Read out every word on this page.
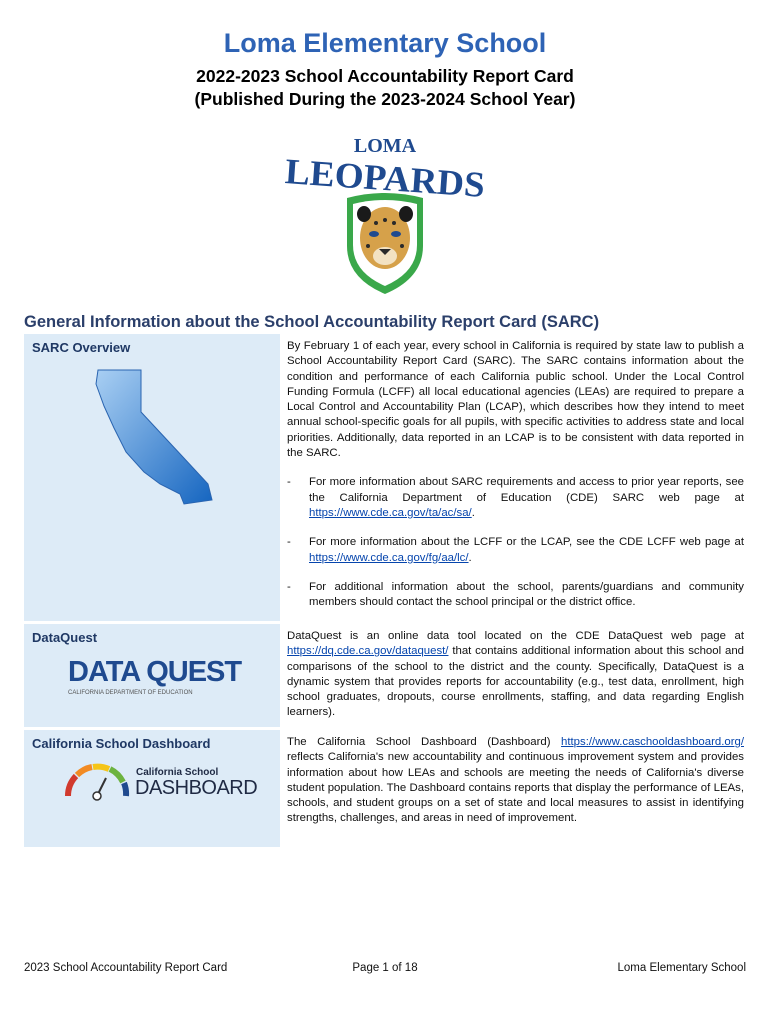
Loma Elementary School
2022-2023 School Accountability Report Card
(Published During the 2023-2024 School Year)
LOMA
LEOPARDS
General Information about the School Accountability Report Card (SARC)
SARC Overview	By February 1 of each year, every school in California is required by state law to publish a School Accountability Report Card (SARC). The SARC contains information about the condition and performance of each California public school. Under the Local Control Funding Formula (LCFF) all local educational agencies (LEAs) are required to prepare a Local Control and Accountability Plan (LCAP), which describes how they intend to meet annual school-specific goals for all pupils, with specific activities to address state and local priorities. Additionally, data reported in an LCAP is to be consistent with data reported in the SARC.
-	For more information about SARC requirements and access to prior year reports, see the California Department of Education (CDE) SARC web page at https://www.cde.ca.gov/ta/ac/sa/.
-	For more information about the LCFF or the LCAP, see the CDE LCFF web page at https://www.cde.ca.gov/fg/aa/lc/.
-	For additional information about the school, parents/guardians and community members should contact the school principal or the district office.
DataQuest
DATA QUEST
CALIFORNIA DEPARTMENT OF EDUCATION
DataQuest is an online data tool located on the CDE DataQuest web page at https://dq.cde.ca.gov/dataquest/ that contains additional information about this school and comparisons of the school to the district and the county. Specifically, DataQuest is a dynamic system that provides reports for accountability (e.g., test data, enrollment, high school graduates, dropouts, course enrollments, staffing, and data regarding English learners).
California School Dashboard
California School
DASHBOARD
The California School Dashboard (Dashboard) https://www.caschooldashboard.org/ reflects California's new accountability and continuous improvement system and provides information about how LEAs and schools are meeting the needs of California's diverse student population. The Dashboard contains reports that display the performance of LEAs, schools, and student groups on a set of state and local measures to assist in identifying strengths, challenges, and areas in need of improvement.
2023 School Accountability Report Card	Page 1 of 18	Loma Elementary School
